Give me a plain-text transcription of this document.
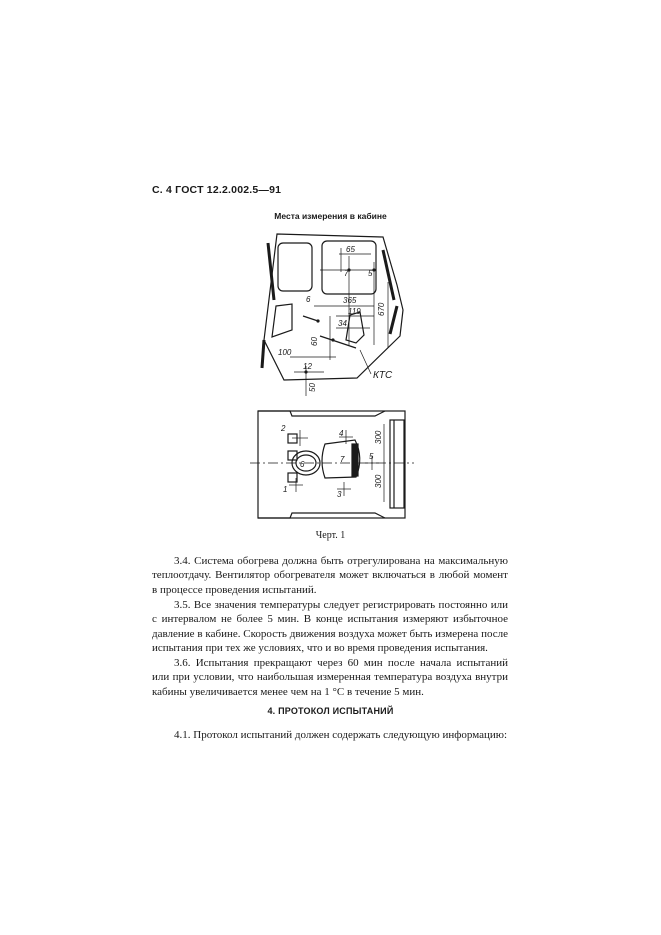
С. 4 ГОСТ 12.2.002.5—91
Места измерения в кабине
65
7 5
365
119 670
34
6
60
100
12
50
КТС
2
4
6
7	5
1
3
300
300
Черт. 1

3.4. Система обогрева должна быть отрегулирована на максимальную теплоотдачу. Вентилятор обогревателя может включаться в любой момент в процессе проведения испытаний.

3.5. Все значения температуры следует регистрировать постоянно или с интервалом не более 5 мин. В конце испытания измеряют избыточное давление в кабине. Скорость движения воздуха может быть измерена после испытания при тех же условиях, что и во время проведения испытания.

3.6. Испытания прекращают через 60 мин после начала испытаний или при условии, что наибольшая измеренная температура воздуха внутри кабины увеличивается менее чем на 1 °С в течение 5 мин.

4. ПРОТОКОЛ ИСПЫТАНИЙ

4.1. Протокол испытаний должен содержать следующую информацию:
